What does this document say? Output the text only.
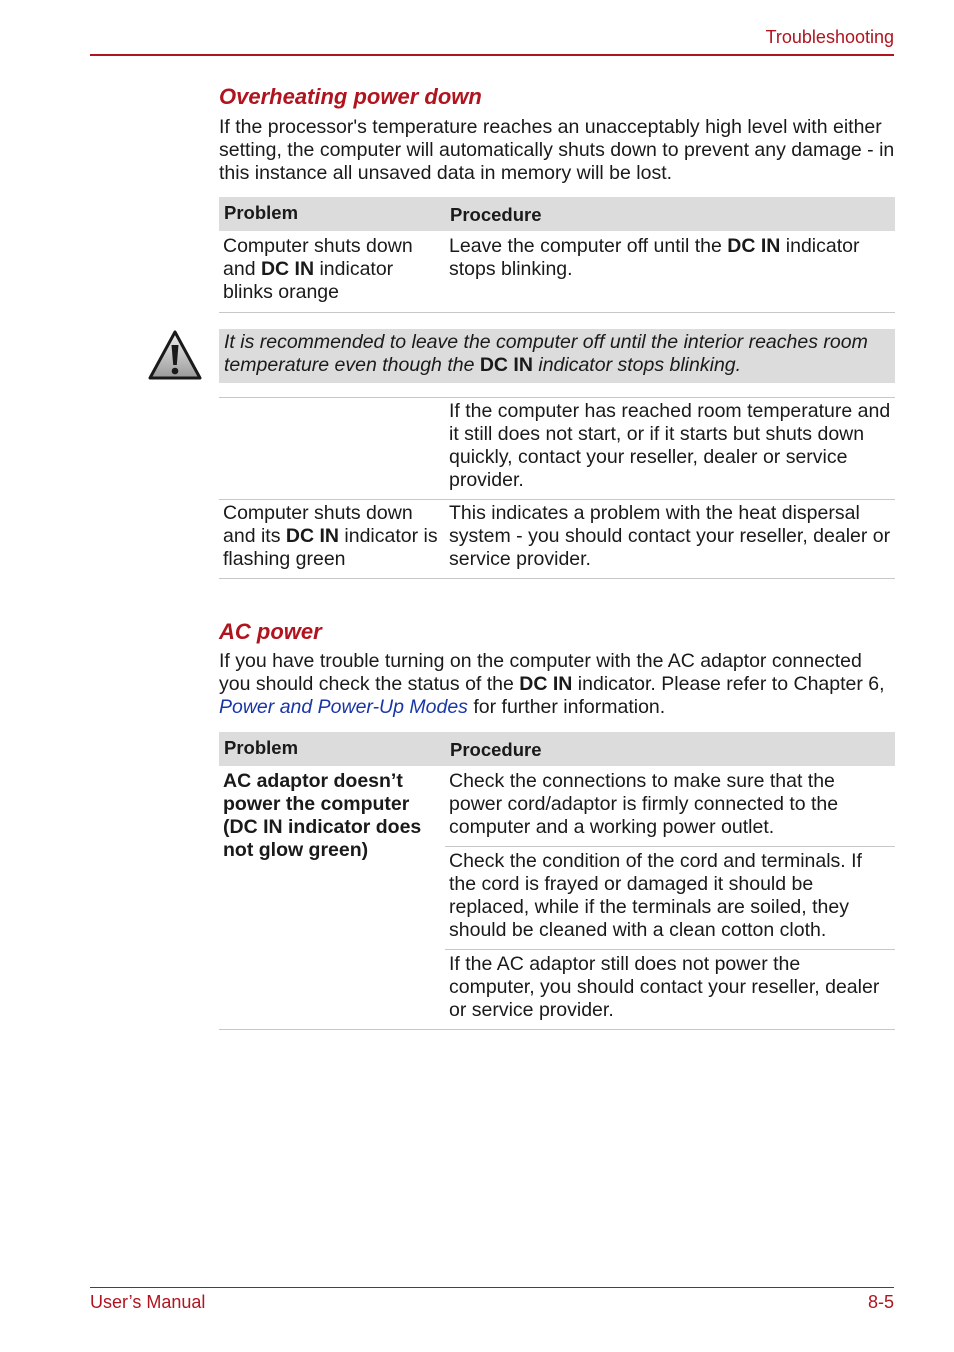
Troubleshooting
Overheating power down

If the processor's temperature reaches an unacceptably high level with either setting, the computer will automatically shuts down to prevent any damage - in this instance all unsaved data in memory will be lost.

Problem	Procedure
Computer shuts down and DC IN indicator blinks orange	Leave the computer off until the DC IN indicator stops blinking.
It is recommended to leave the computer off until the interior reaches room temperature even though the DC IN indicator stops blinking.
	If the computer has reached room temperature and it still does not start, or if it starts but shuts down quickly, contact your reseller, dealer or service provider.
Computer shuts down and its DC IN indicator is flashing green	This indicates a problem with the heat dispersal system - you should contact your reseller, dealer or service provider.
AC power

If you have trouble turning on the computer with the AC adaptor connected you should check the status of the DC IN indicator. Please refer to Chapter 6, Power and Power-Up Modes for further information.

Problem	Procedure
AC adaptor doesn’t power the computer (DC IN indicator does not glow green)	Check the connections to make sure that the power cord/adaptor is firmly connected to the computer and a working power outlet.
	Check the condition of the cord and terminals. If the cord is frayed or damaged it should be replaced, while if the terminals are soiled, they should be cleaned with a clean cotton cloth.
	If the AC adaptor still does not power the computer, you should contact your reseller, dealer or service provider.
User’s Manual	8-5
